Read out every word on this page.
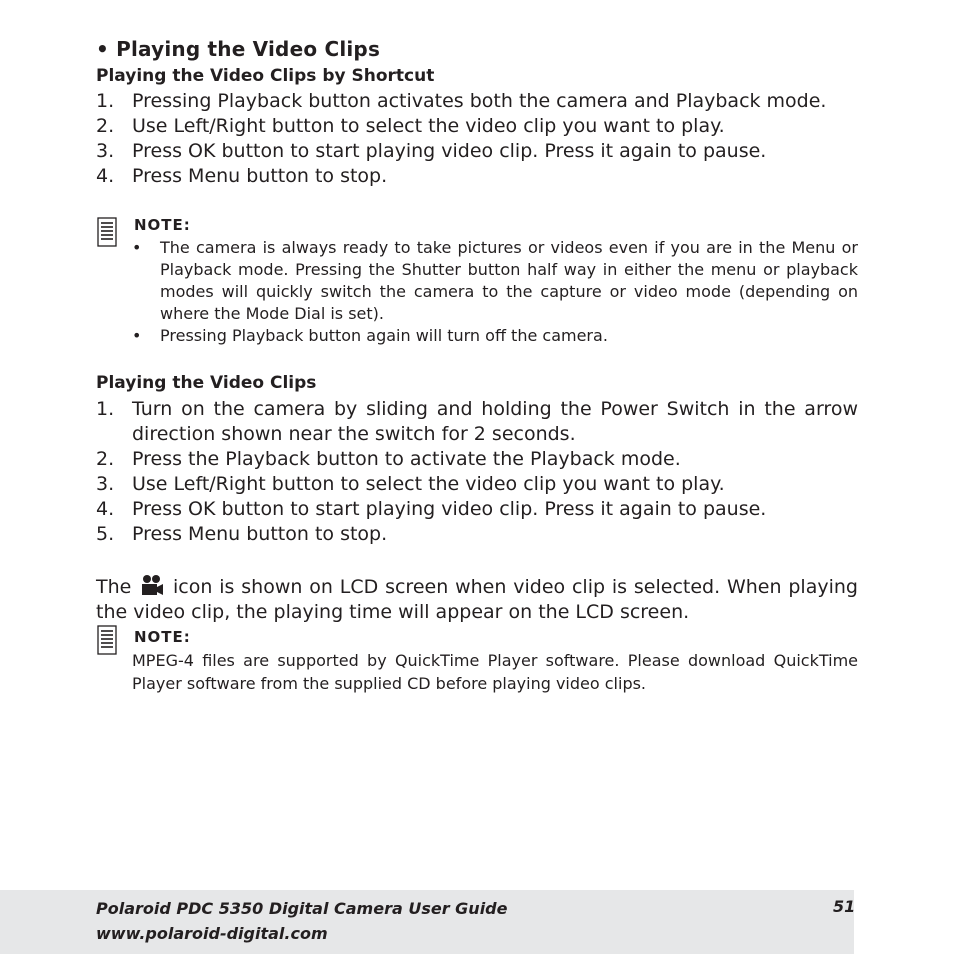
• Playing the Video Clips
Playing the Video Clips by Shortcut
1. Pressing Playback button activates both the camera and Playback mode.
2. Use Left/Right button to select the video clip you want to play.
3. Press OK button to start playing video clip. Press it again to pause.
4. Press Menu button to stop.
NOTE:
• The camera is always ready to take pictures or videos even if you are in the Menu or Playback mode. Pressing the Shutter button half way in either the menu or playback modes will quickly switch the camera to the capture or video mode (depending on where the Mode Dial is set).
• Pressing Playback button again will turn off the camera.
Playing the Video Clips
1. Turn on the camera by sliding and holding the Power Switch in the arrow direction shown near the switch for 2 seconds.
2. Press the Playback button to activate the Playback mode.
3. Use Left/Right button to select the video clip you want to play.
4. Press OK button to start playing video clip. Press it again to pause.
5. Press Menu button to stop.

The icon is shown on LCD screen when video clip is selected. When playing the video clip, the playing time will appear on the LCD screen.

NOTE:

MPEG-4 files are supported by QuickTime Player software. Please download QuickTime Player software from the supplied CD before playing video clips.

Polaroid PDC 5350 Digital Camera User Guide
www.polaroid-digital.com
51
